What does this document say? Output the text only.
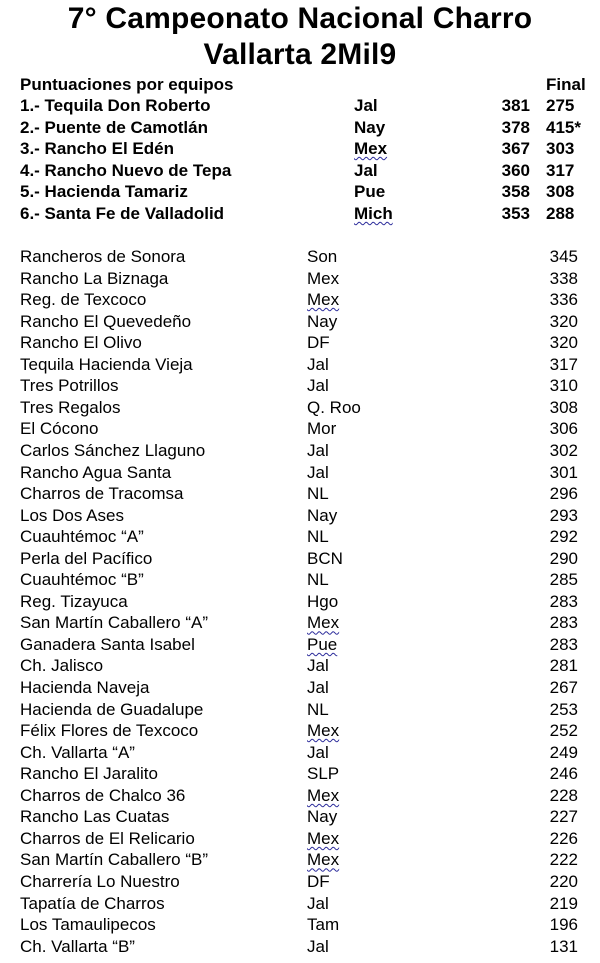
7° Campeonato Nacional Charro
Vallarta 2Mil9
Puntuaciones por equipos	Final
1.- Tequila Don Roberto	Jal	381 275
2.- Puente de Camotlán	Nay	378 415*
3.- Rancho El Edén	Mex	367 303
4.- Rancho Nuevo de Tepa	Jal	360 317
5.- Hacienda Tamariz	Pue	358 308
6.- Santa Fe de Valladolid	Mich	353 288
Rancheros de Sonora	Son	345
Rancho La Biznaga	Mex	338
Reg. de Texcoco	Mex	336
Rancho El Quevedeño	Nay	320
Rancho El Olivo	DF	320
Tequila Hacienda Vieja	Jal	317
Tres Potrillos	Jal	310
Tres Regalos	Q. Roo	308
El Cócono	Mor	306
Carlos Sánchez Llaguno	Jal	302
Rancho Agua Santa	Jal	301
Charros de Tracomsa	NL	296
Los Dos Ases	Nay	293
Cuauhtémoc “A”	NL	292
Perla del Pacífico	BCN	290
Cuauhtémoc “B”	NL	285
Reg. Tizayuca	Hgo	283
San Martín Caballero “A”	Mex	283
Ganadera Santa Isabel	Pue	283
Ch. Jalisco	Jal	281
Hacienda Naveja	Jal	267
Hacienda de Guadalupe	NL	253
Félix Flores de Texcoco	Mex	252
Ch. Vallarta “A”	Jal	249
Rancho El Jaralito	SLP	246
Charros de Chalco 36	Mex	228
Rancho Las Cuatas	Nay	227
Charros de El Relicario	Mex	226
San Martín Caballero “B”	Mex	222
Charrería Lo Nuestro	DF	220
Tapatía de Charros	Jal	219
Los Tamaulipecos	Tam	196
Ch. Vallarta “B”	Jal	131
